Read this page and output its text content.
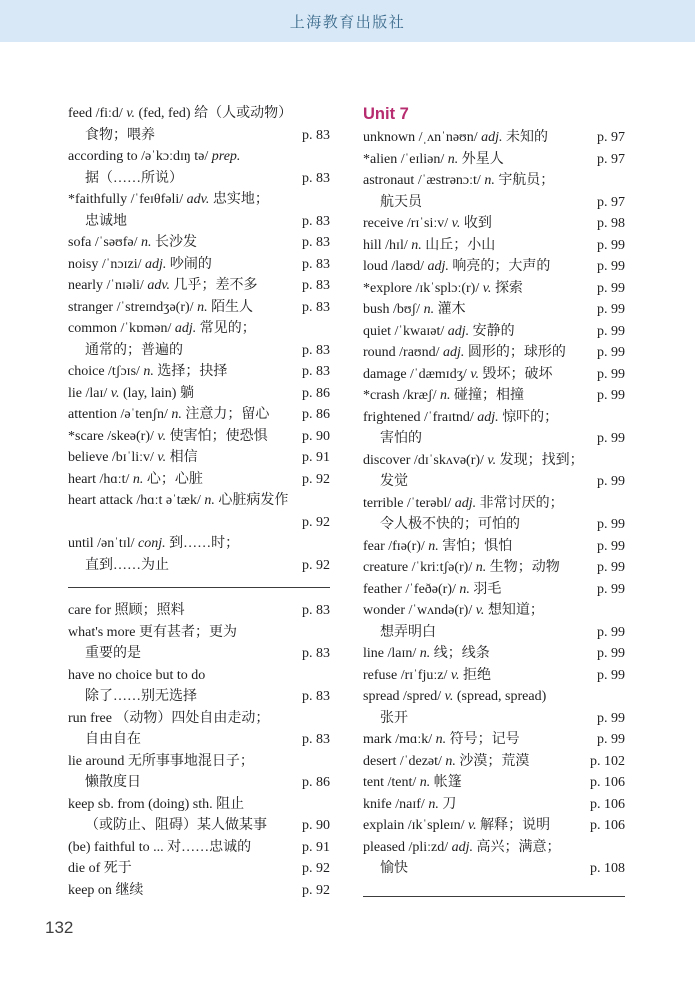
上海教育出版社
feed /fiːd/ v. (fed, fed) 给（人或动物）
食物；喂养	p. 83
according to /əˈkɔːdɪŋ tə/ prep.
据（……所说）	p. 83
*faithfully /ˈfeɪθfəli/ adv. 忠实地；
忠诚地	p. 83
sofa /ˈsəʊfə/ n. 长沙发	p. 83
noisy /ˈnɔɪzi/ adj. 吵闹的	p. 83
nearly /ˈnɪəli/ adv. 几乎；差不多	p. 83
stranger /ˈstreɪndʒə(r)/ n. 陌生人	p. 83
common /ˈkɒmən/ adj. 常见的；
通常的；普遍的	p. 83
choice /tʃɔɪs/ n. 选择；抉择	p. 83
lie /laɪ/ v. (lay, lain) 躺	p. 86
attention /əˈtenʃn/ n. 注意力；留心 p. 86
*scare /skeə(r)/ v. 使害怕；使恐惧 p. 90
believe /bɪˈliːv/ v. 相信	p. 91
heart /hɑːt/ n. 心；心脏	p. 92
heart attack /hɑːt əˈtæk/ n. 心脏病发作
p. 92
until /ənˈtɪl/ conj. 到……时；
直到……为止	p. 92
care for 照顾；照料	p. 83
what's more 更有甚者；更为
重要的是	p. 83
have no choice but to do
除了……别无选择	p. 83
run free （动物）四处自由走动；
自由自在	p. 83
lie around 无所事事地混日子；
懒散度日	p. 86
keep sb. from (doing) sth. 阻止
（或防止、阻碍）某人做某事	p. 90
(be) faithful to ... 对……忠诚的	p. 91
die of 死于	p. 92
keep on 继续	p. 92
Unit 7
unknown /ˌʌnˈnəʊn/ adj. 未知的	p. 97
*alien /ˈeɪliən/ n. 外星人	p. 97
astronaut /ˈæstrənɔːt/ n. 宇航员；
航天员	p. 97
receive /rɪˈsiːv/ v. 收到	p. 98
hill /hɪl/ n. 山丘；小山	p. 99
loud /laʊd/ adj. 响亮的；大声的	p. 99
*explore /ɪkˈsplɔː(r)/ v. 探索	p. 99
bush /bʊʃ/ n. 灌木	p. 99
quiet /ˈkwaɪət/ adj. 安静的	p. 99
round /raʊnd/ adj. 圆形的；球形的 p. 99
damage /ˈdæmɪdʒ/ v. 毁坏；破坏	p. 99
*crash /kræʃ/ n. 碰撞；相撞	p. 99
frightened /ˈfraɪtnd/ adj. 惊吓的；
害怕的	p. 99
discover /dɪˈskʌvə(r)/ v. 发现；找到；
发觉	p. 99
terrible /ˈterəbl/ adj. 非常讨厌的；
令人极不快的；可怕的	p. 99
fear /fɪə(r)/ n. 害怕；惧怕	p. 99
creature /ˈkriːtʃə(r)/ n. 生物；动物	p. 99
feather /ˈfeðə(r)/ n. 羽毛	p. 99
wonder /ˈwʌndə(r)/ v. 想知道；
想弄明白	p. 99
line /laɪn/ n. 线；线条	p. 99
refuse /rɪˈfjuːz/ v. 拒绝	p. 99
spread /spred/ v. (spread, spread)
张开	p. 99
mark /mɑːk/ n. 符号；记号	p. 99
desert /ˈdezət/ n. 沙漠；荒漠	p. 102
tent /tent/ n. 帐篷	p. 106
knife /naɪf/ n. 刀	p. 106
explain /ɪkˈspleɪn/ v. 解释；说明	p. 106
pleased /pliːzd/ adj. 高兴；满意；
愉快	p. 108
132
